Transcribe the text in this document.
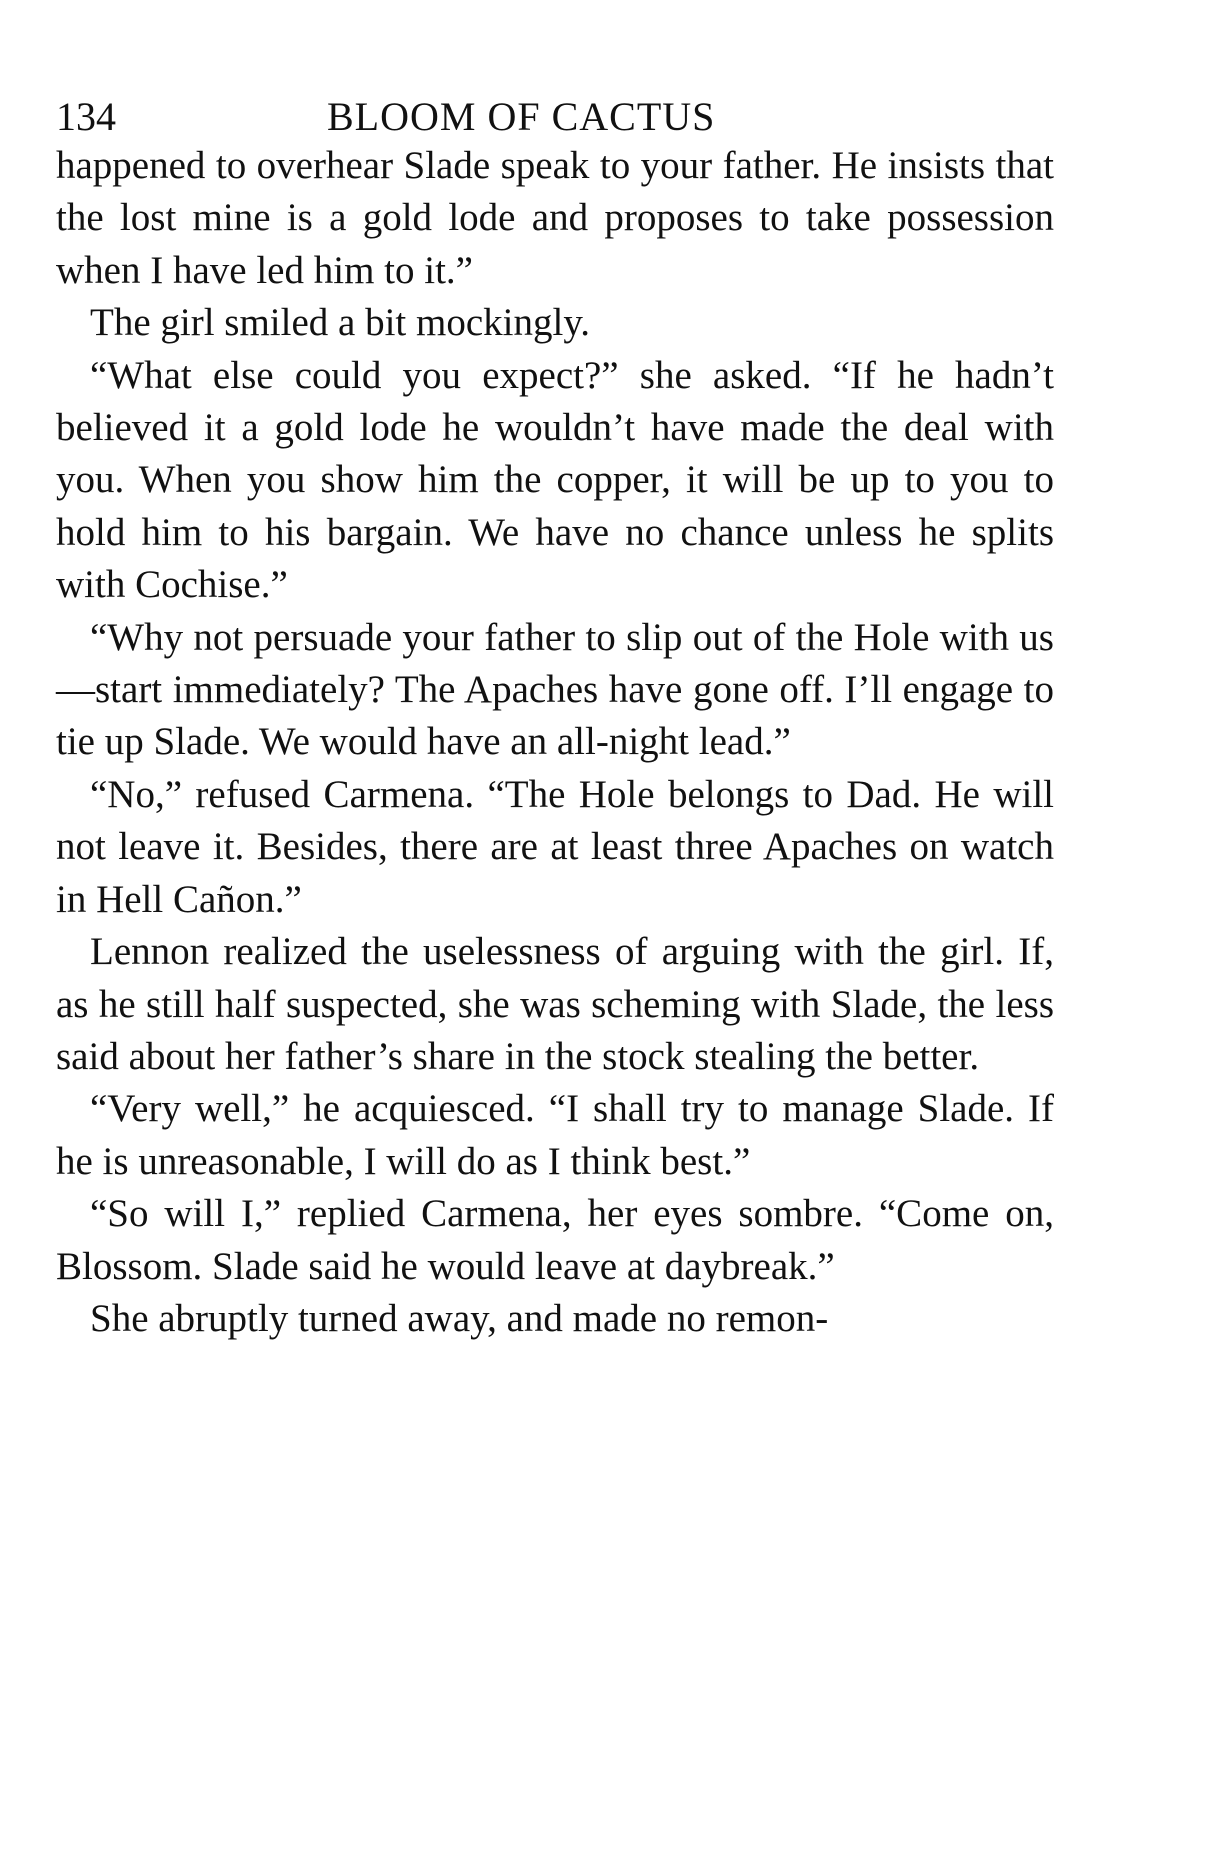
134	BLOOM OF CACTUS

happened to overhear Slade speak to your father. He insists that the lost mine is a gold lode and proposes to take possession when I have led him to it.”

The girl smiled a bit mockingly.

“What else could you expect?” she asked. “If he hadn’t believed it a gold lode he wouldn’t have made the deal with you. When you show him the copper, it will be up to you to hold him to his bargain. We have no chance unless he splits with Cochise.”

“Why not persuade your father to slip out of the Hole with us—start immediately? The Apaches have gone off. I’ll engage to tie up Slade. We would have an all-night lead.”

“No,” refused Carmena. “The Hole belongs to Dad. He will not leave it. Besides, there are at least three Apaches on watch in Hell Cañon.”

Lennon realized the uselessness of arguing with the girl. If, as he still half suspected, she was scheming with Slade, the less said about her father’s share in the stock stealing the better.

“Very well,” he acquiesced. “I shall try to manage Slade. If he is unreasonable, I will do as I think best.”

“So will I,” replied Carmena, her eyes sombre. “Come on, Blossom. Slade said he would leave at daybreak.”

She abruptly turned away, and made no remon-
